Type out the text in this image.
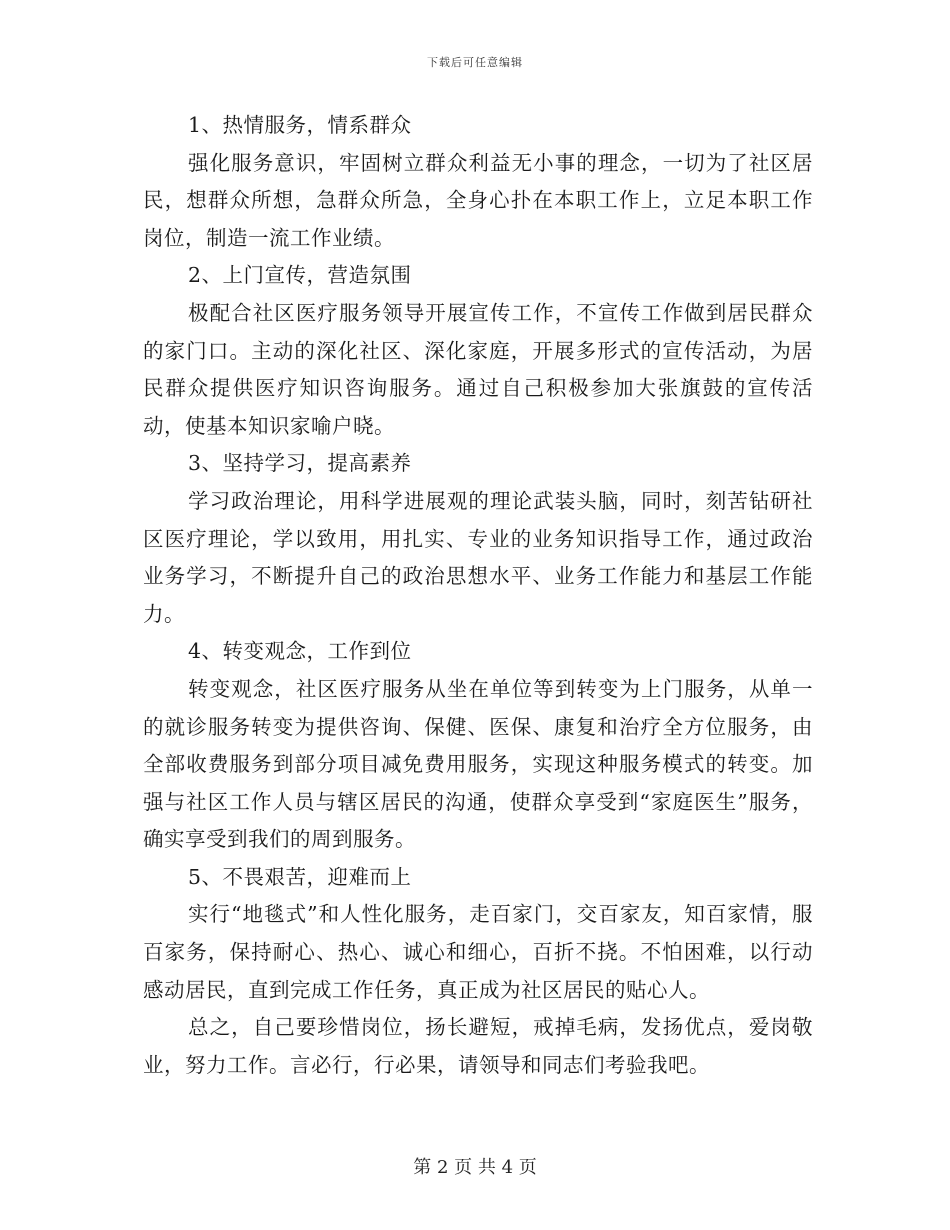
下载后可任意编辑

1、热情服务，情系群众

强化服务意识，牢固树立群众利益无小事的理念，一切为了社区居民，想群众所想，急群众所急，全身心扑在本职工作上，立足本职工作岗位，制造一流工作业绩。

2、上门宣传，营造氛围

极配合社区医疗服务领导开展宣传工作，不宣传工作做到居民群众的家门口。主动的深化社区、深化家庭，开展多形式的宣传活动，为居民群众提供医疗知识咨询服务。通过自己积极参加大张旗鼓的宣传活动，使基本知识家喻户晓。

3、坚持学习，提高素养

学习政治理论，用科学进展观的理论武装头脑，同时，刻苦钻研社区医疗理论，学以致用，用扎实、专业的业务知识指导工作，通过政治业务学习，不断提升自己的政治思想水平、业务工作能力和基层工作能力。

4、转变观念，工作到位

转变观念，社区医疗服务从坐在单位等到转变为上门服务，从单一的就诊服务转变为提供咨询、保健、医保、康复和治疗全方位服务，由全部收费服务到部分项目减免费用服务，实现这种服务模式的转变。加强与社区工作人员与辖区居民的沟通，使群众享受到“家庭医生”服务，确实享受到我们的周到服务。

5、不畏艰苦，迎难而上

实行“地毯式”和人性化服务，走百家门，交百家友，知百家情，服百家务，保持耐心、热心、诚心和细心，百折不挠。不怕困难，以行动感动居民，直到完成工作任务，真正成为社区居民的贴心人。

总之，自己要珍惜岗位，扬长避短，戒掉毛病，发扬优点，爱岗敬业，努力工作。言必行，行必果，请领导和同志们考验我吧。

第 2 页 共 4 页
